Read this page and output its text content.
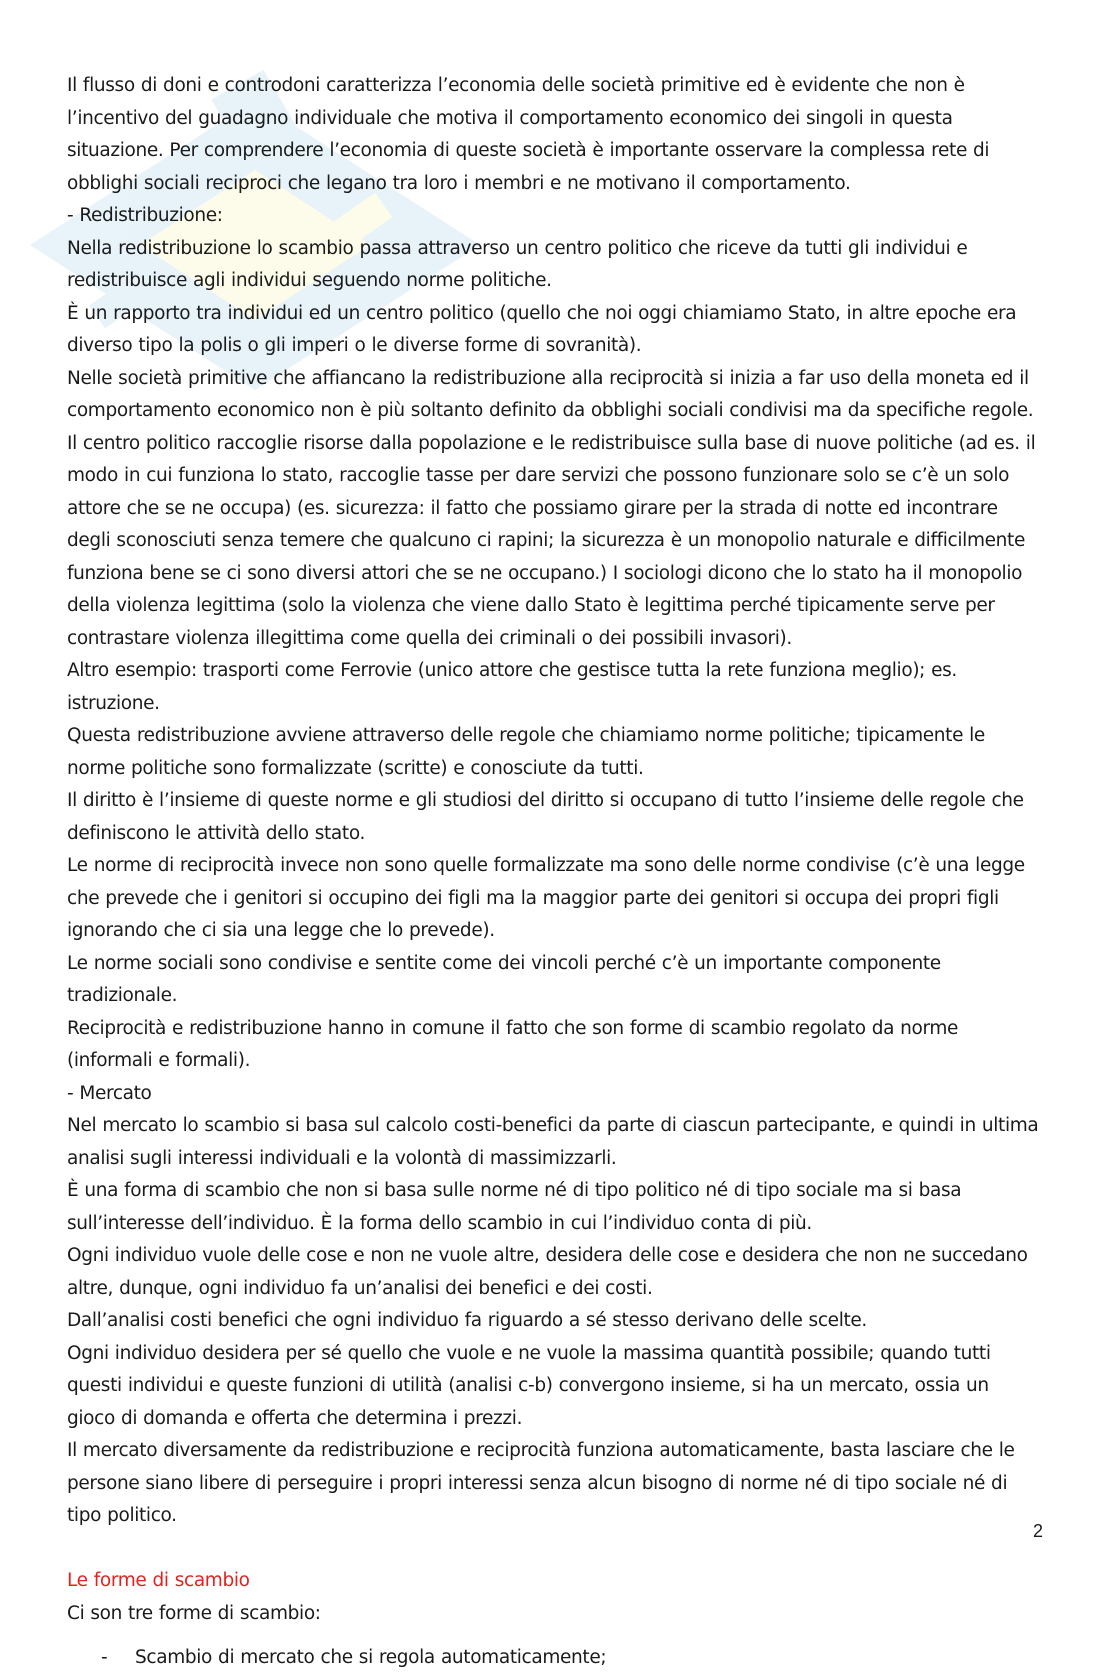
Il flusso di doni e controdoni caratterizza l’economia delle società primitive ed è evidente che non è l’incentivo del guadagno individuale che motiva il comportamento economico dei singoli in questa situazione. Per comprendere l’economia di queste società è importante osservare la complessa rete di obblighi sociali reciproci che legano tra loro i membri e ne motivano il comportamento.

- Redistribuzione:

Nella redistribuzione lo scambio passa attraverso un centro politico che riceve da tutti gli individui e redistribuisce agli individui seguendo norme politiche.

È un rapporto tra individui ed un centro politico (quello che noi oggi chiamiamo Stato, in altre epoche era diverso tipo la polis o gli imperi o le diverse forme di sovranità).

Nelle società primitive che affiancano la redistribuzione alla reciprocità si inizia a far uso della moneta ed il comportamento economico non è più soltanto definito da obblighi sociali condivisi ma da specifiche regole.

Il centro politico raccoglie risorse dalla popolazione e le redistribuisce sulla base di nuove politiche (ad es. il modo in cui funziona lo stato, raccoglie tasse per dare servizi che possono funzionare solo se c’è un solo attore che se ne occupa) (es. sicurezza: il fatto che possiamo girare per la strada di notte ed incontrare degli sconosciuti senza temere che qualcuno ci rapini; la sicurezza è un monopolio naturale e difficilmente funziona bene se ci sono diversi attori che se ne occupano.) I sociologi dicono che lo stato ha il monopolio della violenza legittima (solo la violenza che viene dallo Stato è legittima perché tipicamente serve per contrastare violenza illegittima come quella dei criminali o dei possibili invasori).

Altro esempio: trasporti come Ferrovie (unico attore che gestisce tutta la rete funziona meglio); es. istruzione.

Questa redistribuzione avviene attraverso delle regole che chiamiamo norme politiche; tipicamente le norme politiche sono formalizzate (scritte) e conosciute da tutti.

Il diritto è l’insieme di queste norme e gli studiosi del diritto si occupano di tutto l’insieme delle regole che definiscono le attività dello stato.

Le norme di reciprocità invece non sono quelle formalizzate ma sono delle norme condivise (c’è una legge che prevede che i genitori si occupino dei figli ma la maggior parte dei genitori si occupa dei propri figli ignorando che ci sia una legge che lo prevede).

Le norme sociali sono condivise e sentite come dei vincoli perché c’è un importante componente tradizionale.

Reciprocità e redistribuzione hanno in comune il fatto che son forme di scambio regolato da norme (informali e formali).

- Mercato

Nel mercato lo scambio si basa sul calcolo costi-benefici da parte di ciascun partecipante, e quindi in ultima analisi sugli interessi individuali e la volontà di massimizzarli.

È una forma di scambio che non si basa sulle norme né di tipo politico né di tipo sociale ma si basa sull’interesse dell’individuo. È la forma dello scambio in cui l’individuo conta di più.

Ogni individuo vuole delle cose e non ne vuole altre, desidera delle cose e desidera che non ne succedano altre, dunque, ogni individuo fa un’analisi dei benefici e dei costi.

Dall’analisi costi benefici che ogni individuo fa riguardo a sé stesso derivano delle scelte.

Ogni individuo desidera per sé quello che vuole e ne vuole la massima quantità possibile; quando tutti questi individui e queste funzioni di utilità (analisi c-b) convergono insieme, si ha un mercato, ossia un gioco di domanda e offerta che determina i prezzi.

Il mercato diversamente da redistribuzione e reciprocità funziona automaticamente, basta lasciare che le persone siano libere di perseguire i propri interessi senza alcun bisogno di norme né di tipo sociale né di tipo politico.

Le forme di scambio

Ci son tre forme di scambio:

- Scambio di mercato che si regola automaticamente;
2
